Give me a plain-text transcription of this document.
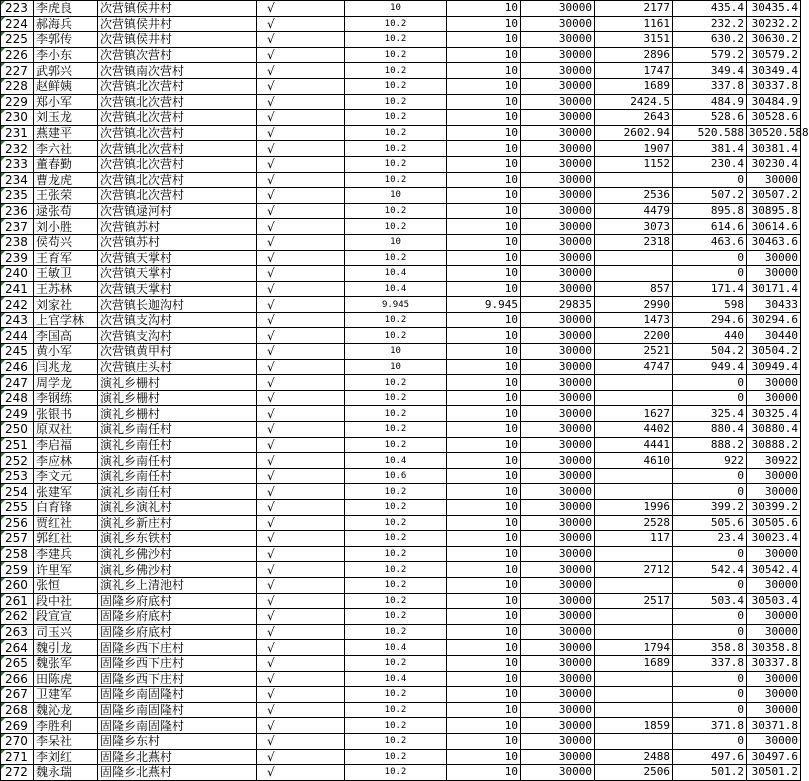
223	李虎良	次营镇侯井村	√	10	10	30000	2177	435.4	30435.4
224	郝海兵	次营镇侯井村	√	10.2	10	30000	1161	232.2	30232.2
225	李郭传	次营镇侯井村	√	10.2	10	30000	3151	630.2	30630.2
226	李小东	次营镇次营村	√	10.2	10	30000	2896	579.2	30579.2
227	武郭兴	次营镇南次营村	√	10.2	10	30000	1747	349.4	30349.4
228	赵鲜姨	次营镇北次营村	√	10.2	10	30000	1689	337.8	30337.8
229	郑小军	次营镇北次营村	√	10.2	10	30000	2424.5	484.9	30484.9
230	刘玉龙	次营镇北次营村	√	10.2	10	30000	2643	528.6	30528.6
231	燕建平	次营镇北次营村	√	10.2	10	30000	2602.94	520.588	30520.588
232	李六社	次营镇北次营村	√	10.2	10	30000	1907	381.4	30381.4
233	董春勤	次营镇北次营村	√	10.2	10	30000	1152	230.4	30230.4
234	曹龙虎	次营镇北次营村	√	10.2	10	30000		0	30000
235	王张荣	次营镇北次营村	√	10	10	30000	2536	507.2	30507.2
236	逯张苟	次营镇逯河村	√	10.2	10	30000	4479	895.8	30895.8
237	刘小胜	次营镇苏村	√	10.2	10	30000	3073	614.6	30614.6
238	侯苟兴	次营镇苏村	√	10	10	30000	2318	463.6	30463.6
239	王育军	次营镇天掌村	√	10.2	10	30000		0	30000
240	王敏卫	次营镇天掌村	√	10.4	10	30000		0	30000
241	王苏林	次营镇天掌村	√	10.4	10	30000	857	171.4	30171.4
242	刘家社	次营镇长迦沟村	√	9.945	9.945	29835	2990	598	30433
243	上官学林	次营镇支沟村	√	10.2	10	30000	1473	294.6	30294.6
244	李国高	次营镇支沟村	√	10.2	10	30000	2200	440	30440
245	黄小军	次营镇黄甲村	√	10	10	30000	2521	504.2	30504.2
246	闫兆龙	次营镇庄头村	√	10	10	30000	4747	949.4	30949.4
247	周学龙	演礼乡栅村	√	10.2	10	30000		0	30000
248	李钢练	演礼乡栅村	√	10.2	10	30000		0	30000
249	张银书	演礼乡栅村	√	10.2	10	30000	1627	325.4	30325.4
250	原双社	演礼乡南任村	√	10.2	10	30000	4402	880.4	30880.4
251	李启福	演礼乡南任村	√	10.2	10	30000	4441	888.2	30888.2
252	李应林	演礼乡南任村	√	10.4	10	30000	4610	922	30922
253	李文元	演礼乡南任村	√	10.6	10	30000		0	30000
254	张建军	演礼乡南任村	√	10.2	10	30000		0	30000
255	白育锋	演礼乡演礼村	√	10.2	10	30000	1996	399.2	30399.2
256	贾红社	演礼乡新庄村	√	10.2	10	30000	2528	505.6	30505.6
257	郭红社	演礼乡东铁村	√	10.2	10	30000	117	23.4	30023.4
258	李建兵	演礼乡佛沙村	√	10.2	10	30000		0	30000
259	许里军	演礼乡佛沙村	√	10.2	10	30000	2712	542.4	30542.4
260	张恒	演礼乡上清池村	√	10.2	10	30000		0	30000
261	段中社	固隆乡府底村	√	10.2	10	30000	2517	503.4	30503.4
262	段宣宣	固隆乡府底村	√	10.2	10	30000		0	30000
263	司玉兴	固隆乡府底村	√	10.2	10	30000		0	30000
264	魏引龙	固隆乡西下庄村	√	10.4	10	30000	1794	358.8	30358.8
265	魏张军	固隆乡西下庄村	√	10.2	10	30000	1689	337.8	30337.8
266	田陈虎	固隆乡西下庄村	√	10.4	10	30000		0	30000
267	卫建军	固隆乡南固隆村	√	10.2	10	30000		0	30000
268	魏沁龙	固隆乡南固隆村	√	10.2	10	30000		0	30000
269	李胜利	固隆乡南固隆村	√	10.2	10	30000	1859	371.8	30371.8
270	李呆社	固隆乡东村	√	10.2	10	30000		0	30000
271	李刘红	固隆乡北燕村	√	10.2	10	30000	2488	497.6	30497.6
272	魏永瑞	固隆乡北燕村	√	10.2	10	30000	2506	501.2	30501.2
